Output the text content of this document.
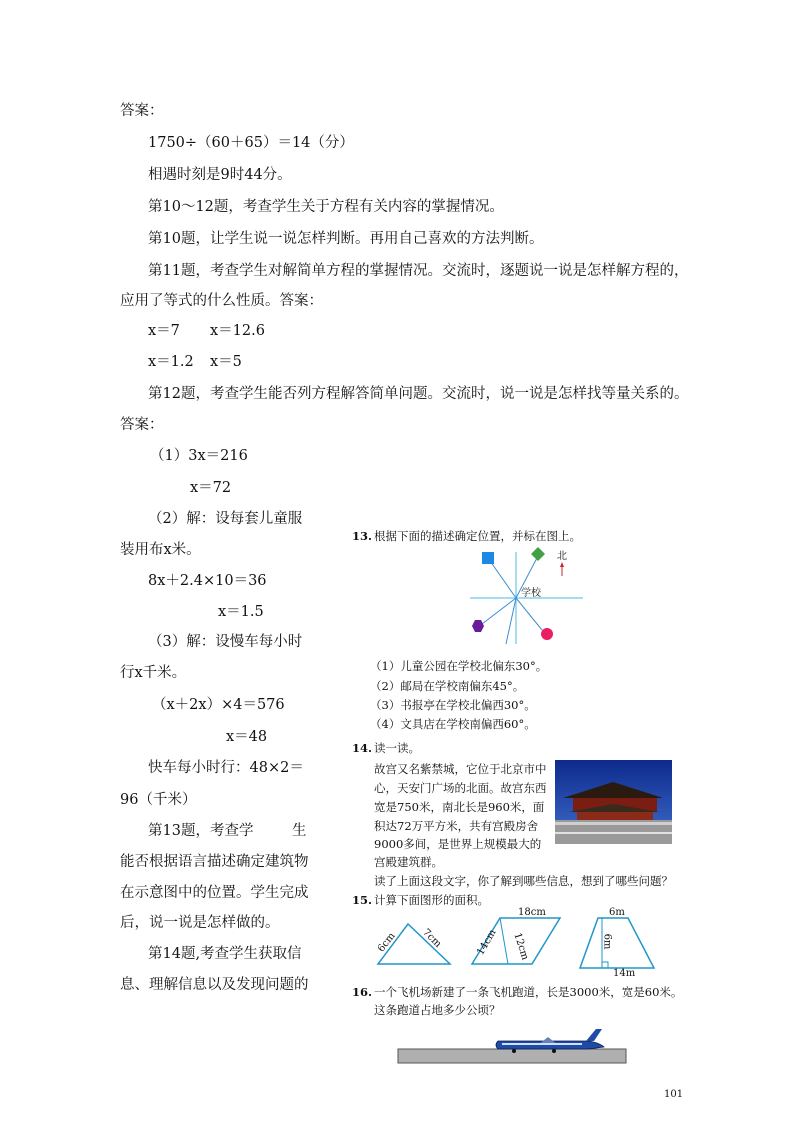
答案：
1750÷（60＋65）＝14（分）
相遇时刻是9时44分。
第10～12题，考查学生关于方程有关内容的掌握情况。
第10题，让学生说一说怎样判断。再用自己喜欢的方法判断。
第11题，考查学生对解简单方程的掌握情况。交流时，逐题说一说是怎样解方程的，
应用了等式的什么性质。答案：
x＝7 x＝12.6
x＝1.2 x＝5
第12题，考查学生能否列方程解答简单问题。交流时，说一说是怎样找等量关系的。
答案：
（1）3x＝216
x＝72
（2）解：设每套儿童服
装用布x米。
8x＋2.4×10＝36
x＝1.5
（3）解：设慢车每小时
行x千米。
（x＋2x）×4＝576
x＝48
快车每小时行：48×2＝
96（千米）
第13题，考查学	生
能否根据语言描述确定建筑物
在示意图中的位置。学生完成
后，说一说是怎样做的。
第14题,考查学生获取信
息、理解信息以及发现问题的
13. 根据下面的描述确定位置，并标在图上。
北
学校
（1）儿童公园在学校北偏东30°。
（2）邮局在学校南偏东45°。
（3）书报亭在学校北偏西30°。
（4）文具店在学校南偏西60°。
14. 读一读。
故宫又名紫禁城，它位于北京市中
心，天安门广场的北面。故宫东西
宽是750米，南北长是960米，面
积达72万平方米，共有宫殿房舍
9000多间，是世界上规模最大的
宫殿建筑群。
读了上面这段文字，你了解到哪些信息，想到了哪些问题？
15. 计算下面图形的面积。
6cm 7cm
18cm
14cm 12cm
6m
6m
14m
16. 一个飞机场新建了一条飞机跑道，长是3000米，宽是60米。
这条跑道占地多少公顷？
101
